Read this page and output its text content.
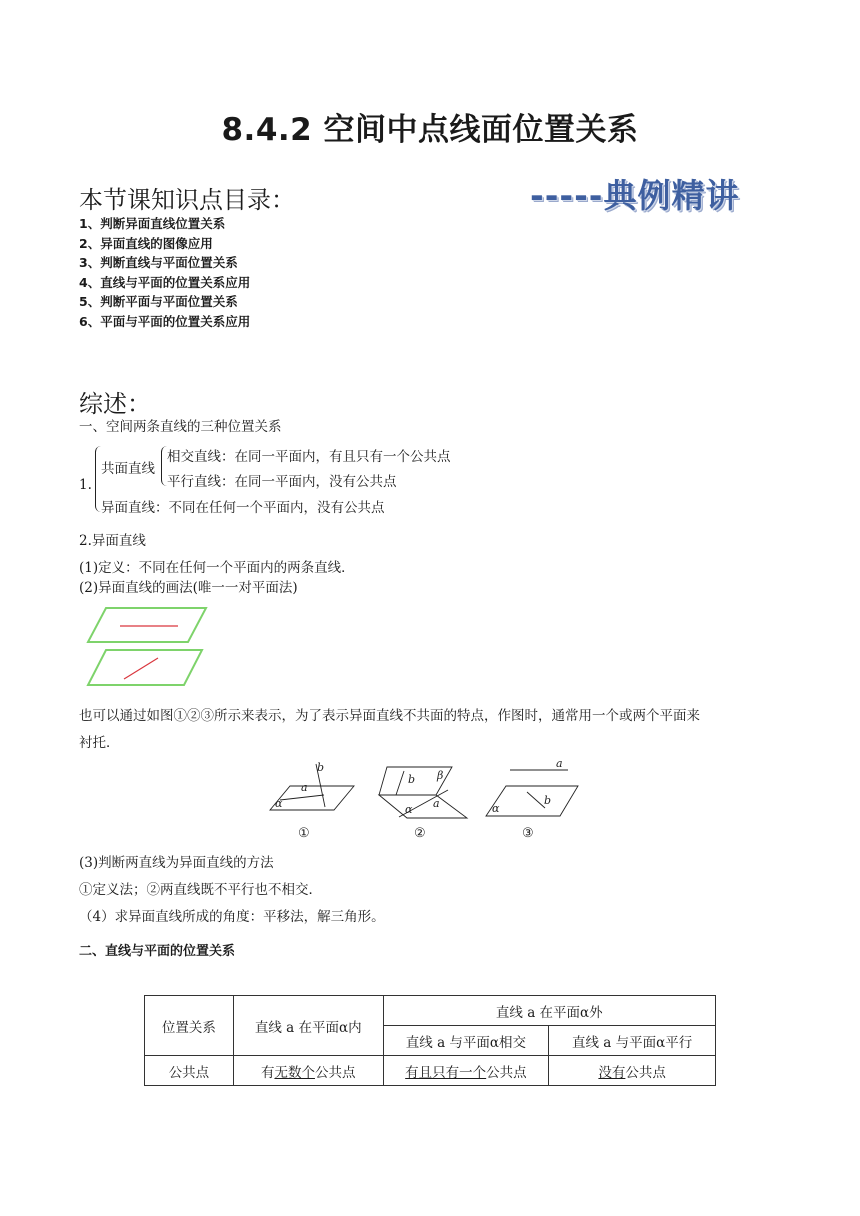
8.4.2 空间中点线面位置关系
本节课知识点目录：	-----典例精讲
1、判断异面直线位置关系
2、异面直线的图像应用
3、判断直线与平面位置关系
4、直线与平面的位置关系应用
5、判断平面与平面位置关系
6、平面与平面的位置关系应用
综述：
一、空间两条直线的三种位置关系
1.
共面直线
相交直线：在同一平面内，有且只有一个公共点
平行直线：在同一平面内，没有公共点
异面直线：不同在任何一个平面内，没有公共点
2.异面直线
(1)定义：不同在任何一个平面内的两条直线．
(2)异面直线的画法(唯一一对平面法)
也可以通过如图①②③所示来表示，为了表示异面直线不共面的特点，作图时，通常用一个或两个平面来
衬托．
b
a
α
①
b β
a
α
②
a
b
α
③
(3)判断两直线为异面直线的方法
①定义法；②两直线既不平行也不相交．
（4）求异面直线所成的角度：平移法，解三角形。
二、直线与平面的位置关系
位置关系	直线 a 在平面α内	直线 a 在平面α外	
		直线 a 与平面α相交	直线 a 与平面α平行
公共点	有无数个公共点	有且只有一个公共点	没有公共点
